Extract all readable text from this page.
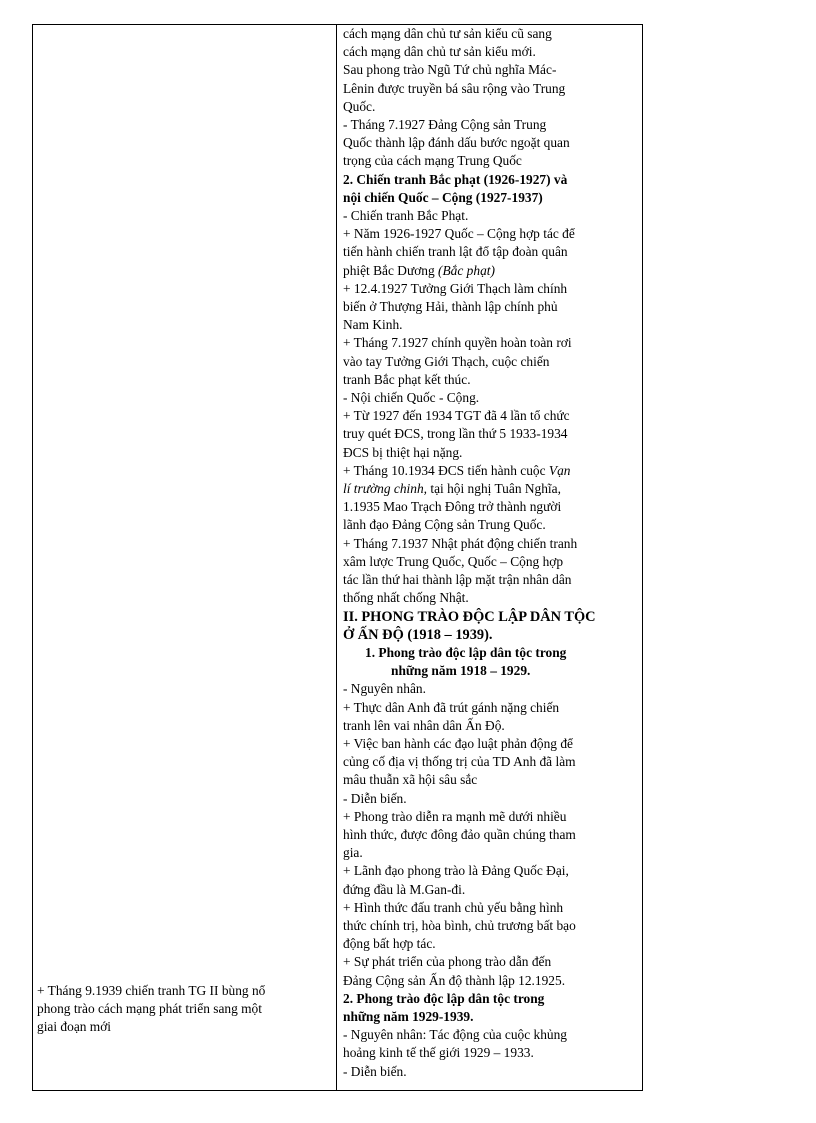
+ Tháng 9.1939 chiến tranh TG II bùng nổ
phong trào cách mạng phát triển sang một
giai đoạn mới
cách mạng dân chủ tư sản kiểu cũ sang
cách mạng dân chủ tư sản kiểu mới.
Sau phong trào Ngũ Tứ chủ nghĩa Mác-
Lênin được truyền bá sâu rộng vào Trung
Quốc.
- Tháng 7.1927 Đảng Cộng sản Trung
Quốc thành lập đánh dấu bước ngoặt quan
trọng của cách mạng Trung Quốc
2. Chiến tranh Bắc phạt (1926-1927) và
nội chiến Quốc – Cộng (1927-1937)
- Chiến tranh Bắc Phạt.
+ Năm 1926-1927 Quốc – Cộng hợp tác để
tiến hành chiến tranh lật đổ tập đoàn quân
phiệt Bắc Dương (Bắc phạt)
+ 12.4.1927 Tưởng Giới Thạch làm chính
biến ở Thượng Hải, thành lập chính phủ
Nam Kinh.
+ Tháng 7.1927 chính quyền hoàn toàn rơi
vào tay Tưởng Giới Thạch, cuộc chiến
tranh Bắc phạt kết thúc.
- Nội chiến Quốc - Cộng.
+ Từ 1927 đến 1934 TGT đã 4 lần tổ chức
truy quét ĐCS, trong lần thứ 5 1933-1934
ĐCS bị thiệt hại nặng.
+ Tháng 10.1934 ĐCS tiến hành cuộc Vạn
lí trường chinh, tại hội nghị Tuân Nghĩa,
1.1935 Mao Trạch Đông trở thành người
lãnh đạo Đảng Cộng sản Trung Quốc.
+ Tháng 7.1937 Nhật phát động chiến tranh
xâm lược Trung Quốc, Quốc – Cộng hợp
tác lần thứ hai thành lập mặt trận nhân dân
thống nhất chống Nhật.
II. PHONG TRÀO ĐỘC LẬP DÂN TỘC
Ở ẤN ĐỘ (1918 – 1939).
1. Phong trào độc lập dân tộc trong
những năm 1918 – 1929.
- Nguyên nhân.
+ Thực dân Anh đã trút gánh nặng chiến
tranh lên vai nhân dân Ấn Độ.
+ Việc ban hành các đạo luật phản động để
củng cố địa vị thống trị của TD Anh đã làm
mâu thuẫn xã hội sâu sắc
- Diễn biến.
+ Phong trào diễn ra mạnh mẽ dưới nhiều
hình thức, được đông đảo quần chúng tham
gia.
+ Lãnh đạo phong trào là Đảng Quốc Đại,
đứng đầu là M.Gan-đi.
+ Hình thức đấu tranh chủ yếu bằng hình
thức chính trị, hòa bình, chủ trương bất bạo
động bất hợp tác.
+ Sự phát triển của phong trào dẫn đến
Đảng Cộng sản Ấn độ thành lập 12.1925.
2. Phong trào độc lập dân tộc trong
những năm 1929-1939.
- Nguyên nhân: Tác động của cuộc khủng
hoảng kinh tế thế giới 1929 – 1933.
- Diễn biến.
